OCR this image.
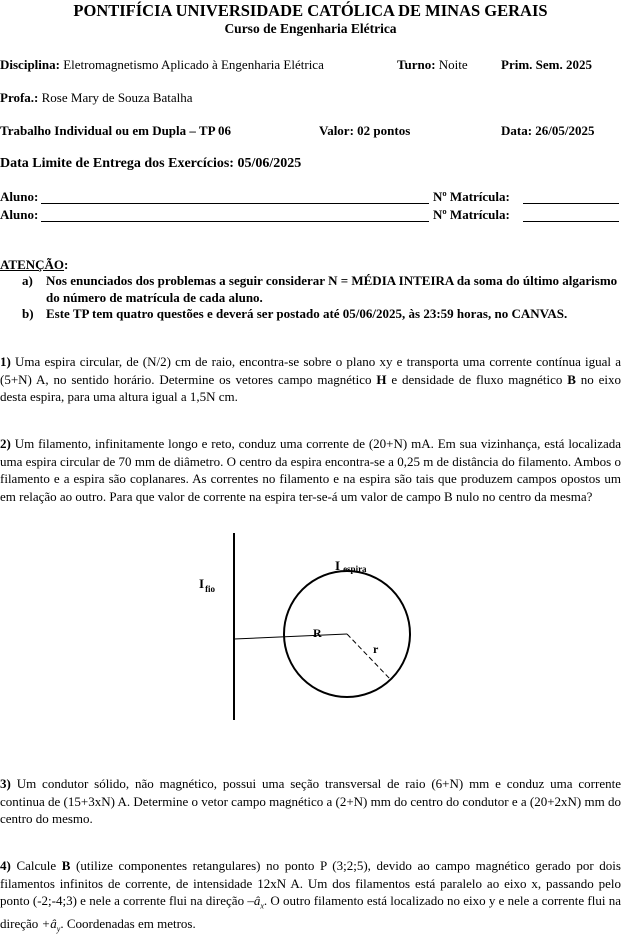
PONTIFÍCIA UNIVERSIDADE CATÓLICA DE MINAS GERAIS
Curso de Engenharia Elétrica
Disciplina: Eletromagnetismo Aplicado à Engenharia Elétrica	Turno: Noite	Prim. Sem. 2025
Profa.: Rose Mary de Souza Batalha
Trabalho Individual ou em Dupla – TP 06	Valor: 02 pontos	Data: 26/05/2025
Data Limite de Entrega dos Exercícios: 05/06/2025
Aluno:	Nº Matrícula:
Aluno:	Nº Matrícula:
ATENÇÃO:
a) Nos enunciados dos problemas a seguir considerar N = MÉDIA INTEIRA da soma do último algarismo do número de matrícula de cada aluno.
b) Este TP tem quatro questões e deverá ser postado até 05/06/2025, às 23:59 horas, no CANVAS.

1) Uma espira circular, de (N/2) cm de raio, encontra-se sobre o plano xy e transporta uma corrente contínua igual a (5+N) A, no sentido horário. Determine os vetores campo magnético H e densidade de fluxo magnético B no eixo desta espira, para uma altura igual a 1,5N cm.

2) Um filamento, infinitamente longo e reto, conduz uma corrente de (20+N) mA. Em sua vizinhança, está localizada uma espira circular de 70 mm de diâmetro. O centro da espira encontra-se a 0,25 m de distância do filamento. Ambos o filamento e a espira são coplanares. As correntes no filamento e na espira são tais que produzem campos opostos um em relação ao outro. Para que valor de corrente na espira ter-se-á um valor de campo B nulo no centro da mesma?

$I_{fio}$
I espira
R
r

3) Um condutor sólido, não magnético, possui uma seção transversal de raio (6+N) mm e conduz uma corrente continua de (15+3xN) A. Determine o vetor campo magnético a (2+N) mm do centro do condutor e a (20+2xN) mm do centro do mesmo.

4) Calcule B (utilize componentes retangulares) no ponto P (3;2;5), devido ao campo magnético gerado por dois filamentos infinitos de corrente, de intensidade 12xN A. Um dos filamentos está paralelo ao eixo x, passando pelo ponto (-2;-4;3) e nele a corrente flui na direção $-â_x$. O outro filamento está localizado no eixo y e nele a corrente flui na direção $+â_y$. Coordenadas em metros.
